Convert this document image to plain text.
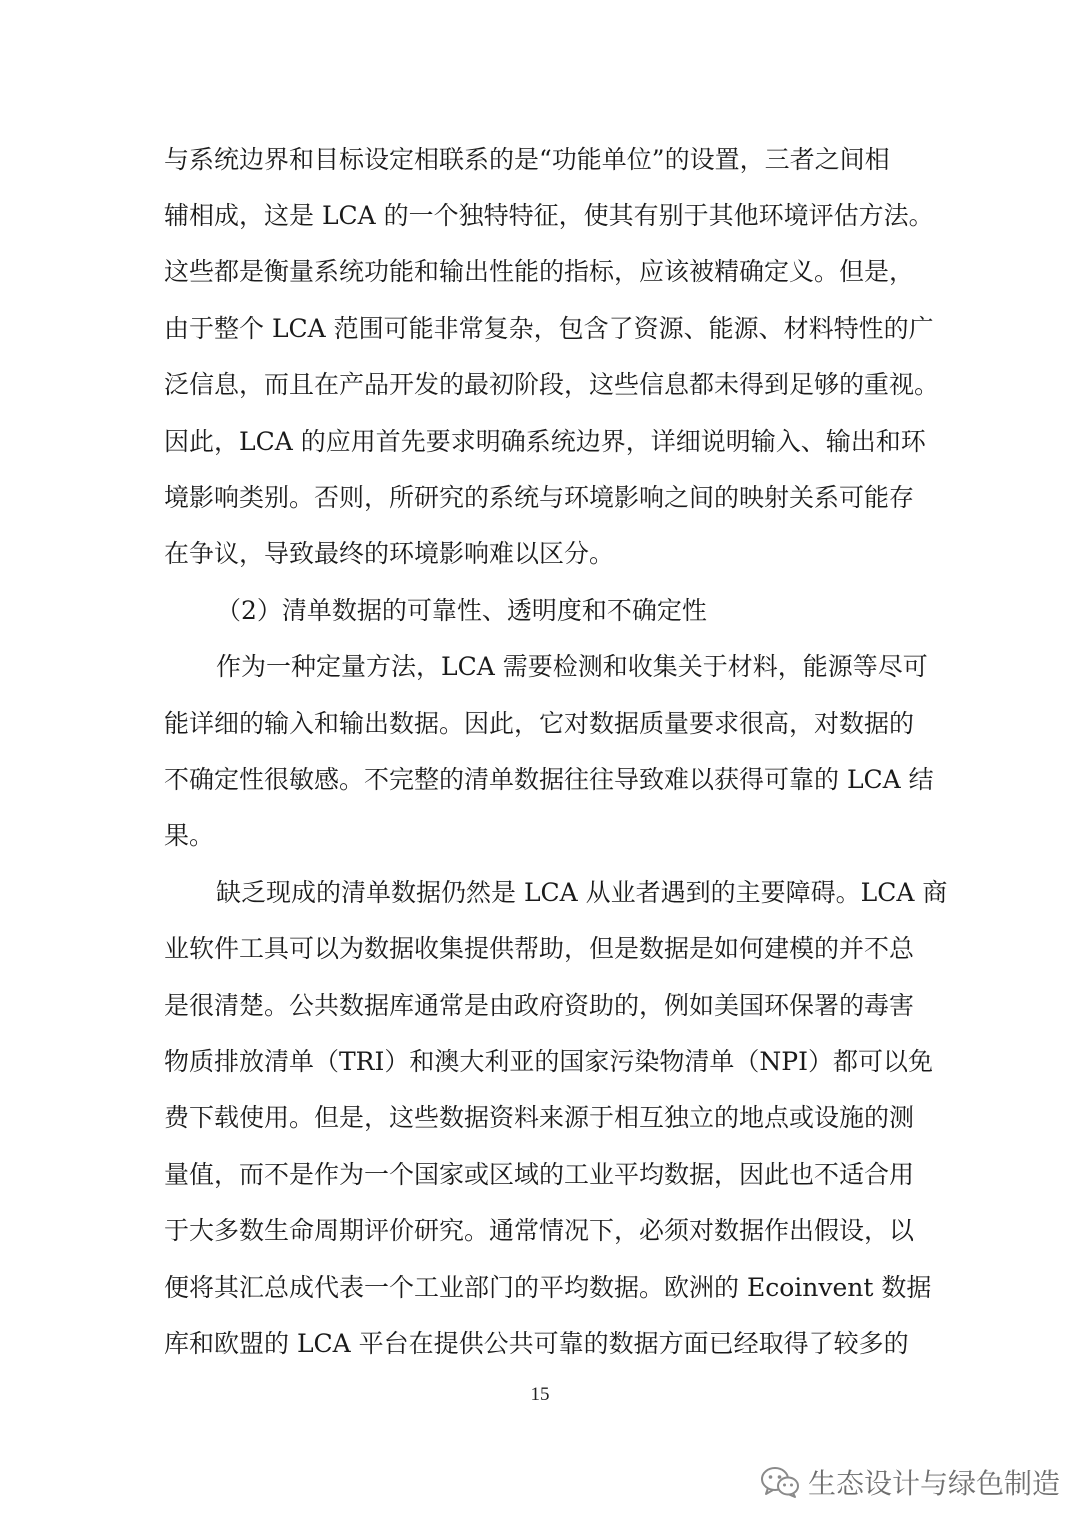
与系统边界和目标设定相联系的是“功能单位”的设置，三者之间相
辅相成，这是 LCA 的一个独特特征，使其有别于其他环境评估方法。
这些都是衡量系统功能和输出性能的指标，应该被精确定义。但是，
由于整个 LCA 范围可能非常复杂，包含了资源、能源、材料特性的广
泛信息，而且在产品开发的最初阶段，这些信息都未得到足够的重视。
因此，LCA 的应用首先要求明确系统边界，详细说明输入、输出和环
境影响类别。否则，所研究的系统与环境影响之间的映射关系可能存
在争议，导致最终的环境影响难以区分。
（2）清单数据的可靠性、透明度和不确定性
作为一种定量方法，LCA 需要检测和收集关于材料，能源等尽可
能详细的输入和输出数据。因此，它对数据质量要求很高，对数据的
不确定性很敏感。不完整的清单数据往往导致难以获得可靠的 LCA 结
果。
缺乏现成的清单数据仍然是 LCA 从业者遇到的主要障碍。LCA 商
业软件工具可以为数据收集提供帮助，但是数据是如何建模的并不总
是很清楚。公共数据库通常是由政府资助的，例如美国环保署的毒害
物质排放清单（TRI）和澳大利亚的国家污染物清单（NPI）都可以免
费下载使用。但是，这些数据资料来源于相互独立的地点或设施的测
量值，而不是作为一个国家或区域的工业平均数据，因此也不适合用
于大多数生命周期评价研究。通常情况下，必须对数据作出假设，以
便将其汇总成代表一个工业部门的平均数据。欧洲的 Ecoinvent 数据
库和欧盟的 LCA 平台在提供公共可靠的数据方面已经取得了较多的
15
生态设计与绿色制造
